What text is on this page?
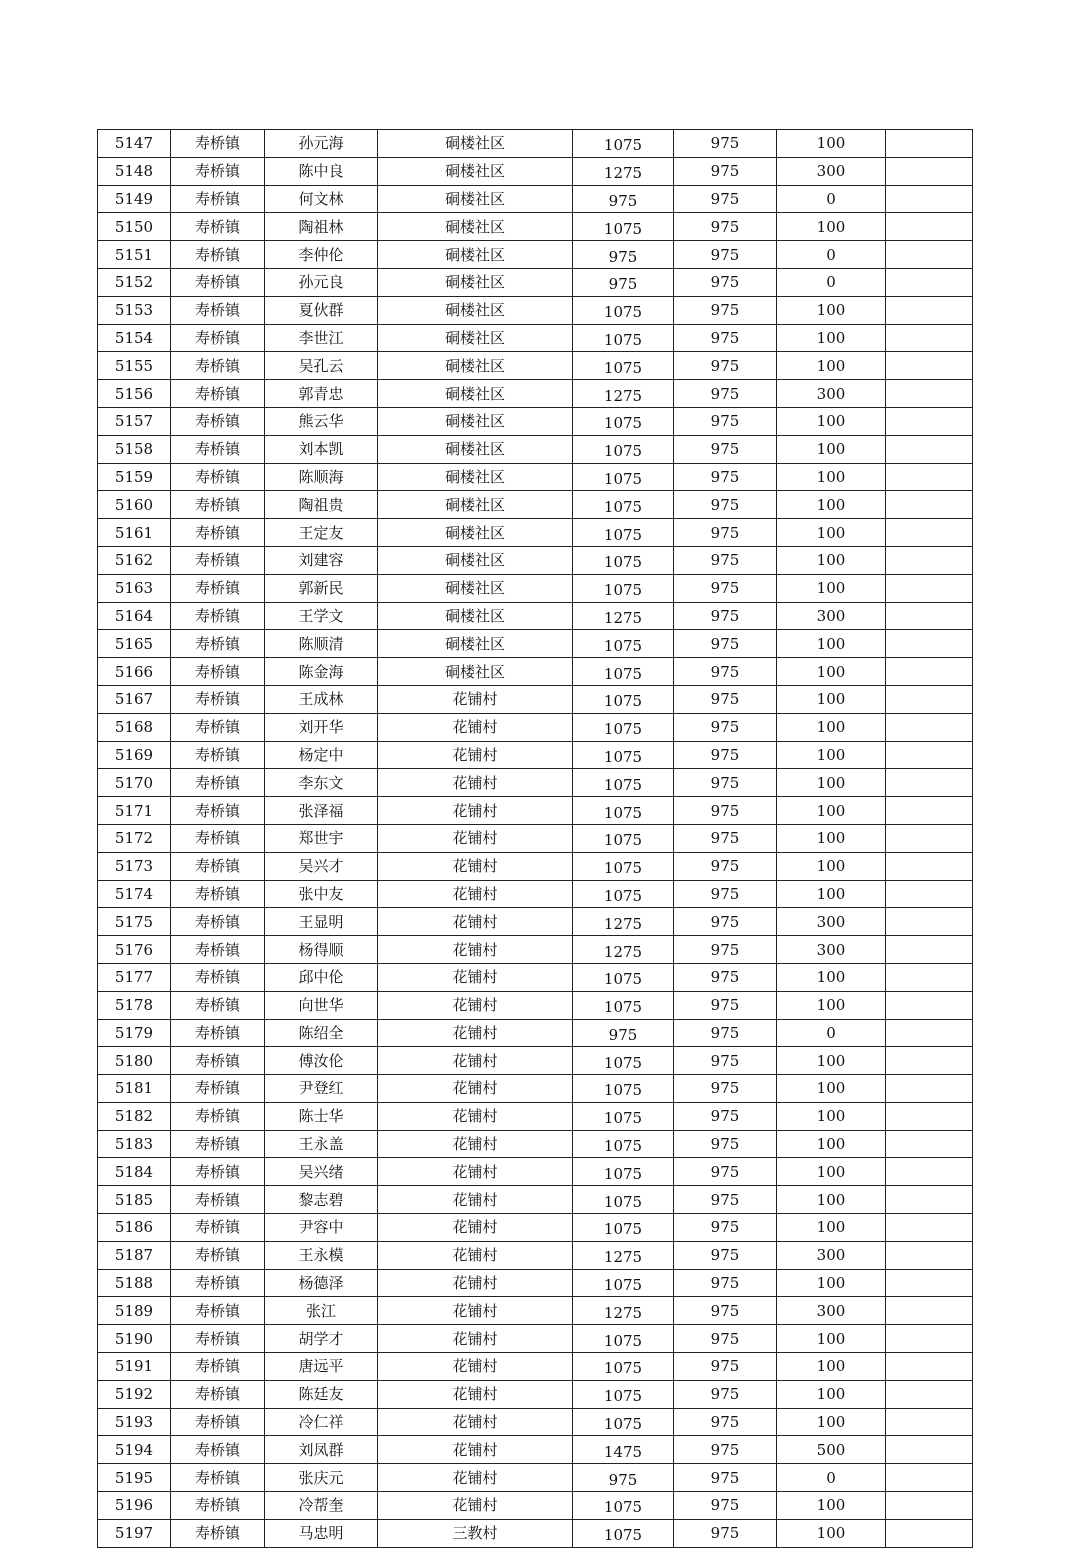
5147	寿桥镇	孙元海	硐楼社区	1075	975	100	
5148	寿桥镇	陈中良	硐楼社区	1275	975	300	
5149	寿桥镇	何文林	硐楼社区	975	975	0	
5150	寿桥镇	陶祖林	硐楼社区	1075	975	100	
5151	寿桥镇	李仲伦	硐楼社区	975	975	0	
5152	寿桥镇	孙元良	硐楼社区	975	975	0	
5153	寿桥镇	夏伙群	硐楼社区	1075	975	100	
5154	寿桥镇	李世江	硐楼社区	1075	975	100	
5155	寿桥镇	吴孔云	硐楼社区	1075	975	100	
5156	寿桥镇	郭青忠	硐楼社区	1275	975	300	
5157	寿桥镇	熊云华	硐楼社区	1075	975	100	
5158	寿桥镇	刘本凯	硐楼社区	1075	975	100	
5159	寿桥镇	陈顺海	硐楼社区	1075	975	100	
5160	寿桥镇	陶祖贵	硐楼社区	1075	975	100	
5161	寿桥镇	王定友	硐楼社区	1075	975	100	
5162	寿桥镇	刘建容	硐楼社区	1075	975	100	
5163	寿桥镇	郭新民	硐楼社区	1075	975	100	
5164	寿桥镇	王学文	硐楼社区	1275	975	300	
5165	寿桥镇	陈顺清	硐楼社区	1075	975	100	
5166	寿桥镇	陈金海	硐楼社区	1075	975	100	
5167	寿桥镇	王成林	花铺村	1075	975	100	
5168	寿桥镇	刘开华	花铺村	1075	975	100	
5169	寿桥镇	杨定中	花铺村	1075	975	100	
5170	寿桥镇	李东文	花铺村	1075	975	100	
5171	寿桥镇	张泽福	花铺村	1075	975	100	
5172	寿桥镇	郑世宇	花铺村	1075	975	100	
5173	寿桥镇	吴兴才	花铺村	1075	975	100	
5174	寿桥镇	张中友	花铺村	1075	975	100	
5175	寿桥镇	王显明	花铺村	1275	975	300	
5176	寿桥镇	杨得顺	花铺村	1275	975	300	
5177	寿桥镇	邱中伦	花铺村	1075	975	100	
5178	寿桥镇	向世华	花铺村	1075	975	100	
5179	寿桥镇	陈绍全	花铺村	975	975	0	
5180	寿桥镇	傅汝伦	花铺村	1075	975	100	
5181	寿桥镇	尹登红	花铺村	1075	975	100	
5182	寿桥镇	陈士华	花铺村	1075	975	100	
5183	寿桥镇	王永盖	花铺村	1075	975	100	
5184	寿桥镇	吴兴绪	花铺村	1075	975	100	
5185	寿桥镇	黎志碧	花铺村	1075	975	100	
5186	寿桥镇	尹容中	花铺村	1075	975	100	
5187	寿桥镇	王永模	花铺村	1275	975	300	
5188	寿桥镇	杨德泽	花铺村	1075	975	100	
5189	寿桥镇	张江	花铺村	1275	975	300	
5190	寿桥镇	胡学才	花铺村	1075	975	100	
5191	寿桥镇	唐远平	花铺村	1075	975	100	
5192	寿桥镇	陈廷友	花铺村	1075	975	100	
5193	寿桥镇	冷仁祥	花铺村	1075	975	100	
5194	寿桥镇	刘凤群	花铺村	1475	975	500	
5195	寿桥镇	张庆元	花铺村	975	975	0	
5196	寿桥镇	冷帮奎	花铺村	1075	975	100	
5197	寿桥镇	马忠明	三教村	1075	975	100	
